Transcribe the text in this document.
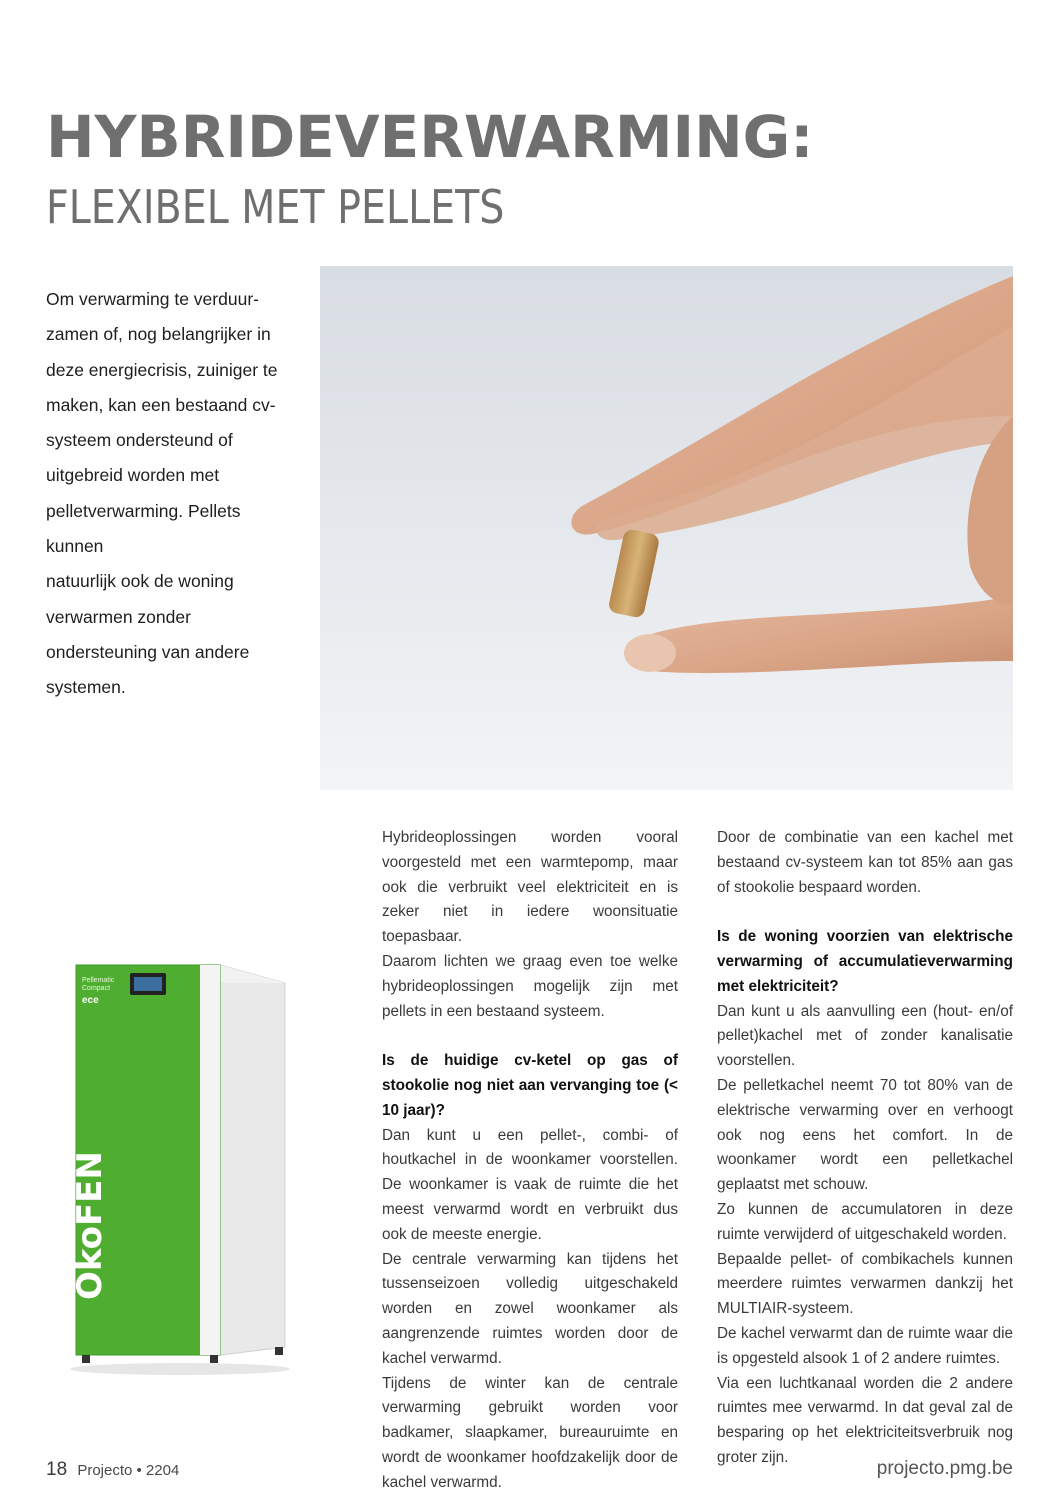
HYBRIDEVERWARMING:
FLEXIBEL MET PELLETS

Om verwarming te verduur-

zamen of, nog belangrijker in

deze energiecrisis, zuiniger te

maken, kan een bestaand cv-

systeem ondersteund of

uitgebreid worden met

pelletverwarming. Pellets kunnen

natuurlijk ook de woning

verwarmen zonder

ondersteuning van andere

systemen.

Pellematic
Compact
ece
ÖkoFEN

Hybrideoplossingen worden vooral voorgesteld met een warmtepomp, maar ook die verbruikt veel elektriciteit en is zeker niet in iedere woonsituatie toepasbaar.

Daarom lichten we graag even toe welke hybrideoplossingen mogelijk zijn met pellets in een bestaand systeem.

Is de huidige cv-ketel op gas of stookolie nog niet aan vervanging toe (< 10 jaar)?

Dan kunt u een pellet-, combi- of houtkachel in de woonkamer voorstellen. De woonkamer is vaak de ruimte die het meest verwarmd wordt en verbruikt dus ook de meeste energie.

De centrale verwarming kan tijdens het tussenseizoen volledig uitgeschakeld worden en zowel woonkamer als aangrenzende ruimtes worden door de kachel verwarmd.

Tijdens de winter kan de centrale verwarming gebruikt worden voor badkamer, slaapkamer, bureauruimte en wordt de woonkamer hoofdzakelijk door de kachel verwarmd.

Door de combinatie van een kachel met bestaand cv-systeem kan tot 85% aan gas of stookolie bespaard worden.

Is de woning voorzien van elektrische verwarming of accumulatieverwarming met elektriciteit?

Dan kunt u als aanvulling een (hout- en/of pellet)kachel met of zonder kanalisatie voorstellen.

De pelletkachel neemt 70 tot 80% van de elektrische verwarming over en verhoogt ook nog eens het comfort. In de woonkamer wordt een pelletkachel geplaatst met schouw.

Zo kunnen de accumulatoren in deze ruimte verwijderd of uitgeschakeld worden.

Bepaalde pellet- of combikachels kunnen meerdere ruimtes verwarmen dankzij het MULTIAIR-systeem.

De kachel verwarmt dan de ruimte waar die is opgesteld alsook 1 of 2 andere ruimtes.

Via een luchtkanaal worden die 2 andere ruimtes mee verwarmd. In dat geval zal de besparing op het elektriciteitsverbruik nog groter zijn.

18 Projecto • 2204	projecto.pmg.be
